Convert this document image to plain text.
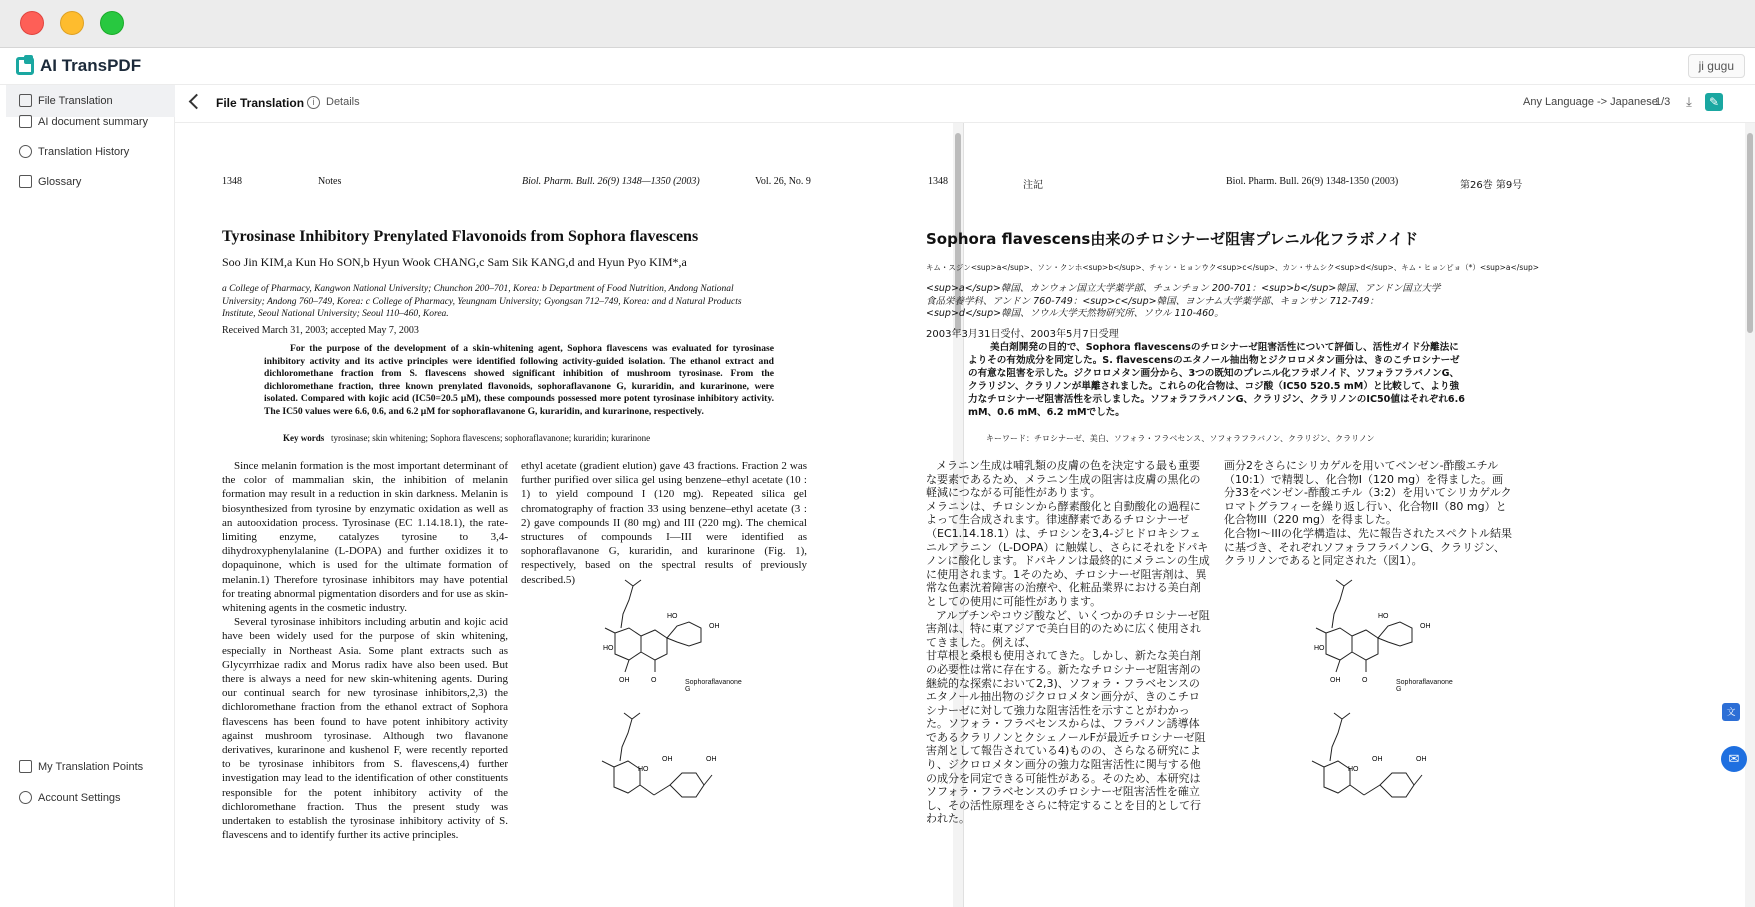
AI TransPDF	ji gugu
File Translation
AI document summary
Translation History
Glossary
My Translation Points
Account Settings
File Translation i	Details	Any Language -> Japanese
1/3	⤓	✎
1348	Notes	Biol. Pharm. Bull. 26(9) 1348—1350 (2003)	Vol. 26, No. 9
Tyrosinase Inhibitory Prenylated Flavonoids from Sophora flavescens
Soo Jin KIM,a Kun Ho SON,b Hyun Wook CHANG,c Sam Sik KANG,d and Hyun Pyo KIM*,a
a College of Pharmacy, Kangwon National University; Chunchon 200–701, Korea: b Department of Food Nutrition, Andong National University; Andong 760–749, Korea: c College of Pharmacy, Yeungnam University; Gyongsan 712–749, Korea: and d Natural Products Institute, Seoul National University; Seoul 110–460, Korea.
Received March 31, 2003; accepted May 7, 2003
For the purpose of the development of a skin-whitening agent, Sophora flavescens was evaluated for tyrosinase inhibitory activity and its active principles were identified following activity-guided isolation. The ethanol extract and dichloromethane fraction from S. flavescens showed significant inhibition of mushroom tyrosinase. From the dichloromethane fraction, three known prenylated flavonoids, sophoraflavanone G, kuraridin, and kurarinone, were isolated. Compared with kojic acid (IC50=20.5 μM), these compounds possessed more potent tyrosinase inhibitory activity. The IC50 values were 6.6, 0.6, and 6.2 μM for sophoraflavanone G, kuraridin, and kurarinone, respectively.
Key words tyrosinase; skin whitening; Sophora flavescens; sophoraflavanone; kuraridin; kurarinone

Since melanin formation is the most important determinant of the color of mammalian skin, the inhibition of melanin formation may result in a reduction in skin darkness. Melanin is biosynthesized from tyrosine by enzymatic oxidation as well as an autooxidation process. Tyrosinase (EC 1.14.18.1), the rate-limiting enzyme, catalyzes tyrosine to 3,4-dihydroxyphenylalanine (L-DOPA) and further oxidizes it to dopaquinone, which is used for the ultimate formation of melanin.1) Therefore tyrosinase inhibitors may have potential for treating abnormal pigmentation disorders and for use as skin-whitening agents in the cosmetic industry.

Several tyrosinase inhibitors including arbutin and kojic acid have been widely used for the purpose of skin whitening, especially in Northeast Asia. Some plant extracts such as Glycyrrhizae radix and Morus radix have also been used. But there is always a need for new skin-whitening agents. During our continual search for new tyrosinase inhibitors,2,3) the dichloromethane fraction from the ethanol extract of Sophora flavescens has been found to have potent inhibitory activity against mushroom tyrosinase. Although two flavanone derivatives, kurarinone and kushenol F, were recently reported to be tyrosinase inhibitors from S. flavescens,4) further investigation may lead to the identification of other constituents responsible for the potent inhibitory activity of the dichloromethane fraction. Thus the present study was undertaken to establish the tyrosinase inhibitory activity of S. flavescens and to identify further its active principles.

ethyl acetate (gradient elution) gave 43 fractions. Fraction 2 was further purified over silica gel using benzene–ethyl acetate (10 : 1) to yield compound I (120 mg). Repeated silica gel chromatography of fraction 33 using benzene–ethyl acetate (3 : 2) gave compounds II (80 mg) and III (220 mg). The chemical structures of compounds I—III were identified as sophoraflavanone G, kuraridin, and kurarinone (Fig. 1), respectively, based on the spectral results of previously described.5)

HO
OH	O
HO
OH
Sophoraflavanone G
HO
OH	OH
1348	注記	Biol. Pharm. Bull. 26(9) 1348-1350 (2003)	第26巻 第9号
Sophora flavescens由来のチロシナーゼ阻害プレニル化フラボノイド
キム・スジン<sup>a</sup>、ソン・クンホ<sup>b</sup>、チャン・ヒョンウク<sup>c</sup>、カン・サムシク<sup>d</sup>、キム・ヒョンピョ（*）<sup>a</sup>
<sup>a</sup>韓国、カンウォン国立大学薬学部、チュンチョン 200-701：<sup>b</sup>韓国、アンドン国立大学食品栄養学科、アンドン 760-749：<sup>c</sup>韓国、ヨンナム大学薬学部、キョンサン 712-749：<sup>d</sup>韓国、ソウル大学天然物研究所、ソウル 110-460。
2003年3月31日受付、2003年5月7日受理
美白剤開発の目的で、Sophora flavescensのチロシナーゼ阻害活性について評価し、活性ガイド分離法によりその有効成分を同定した。S. flavescensのエタノール抽出物とジクロロメタン画分は、きのこチロシナーゼの有意な阻害を示した。ジクロロメタン画分から、3つの既知のプレニル化フラボノイド、ソフォラフラバノンG、クラリジン、クラリノンが単離されました。これらの化合物は、コジ酸（IC50 520.5 mM）と比較して、より強力なチロシナーゼ阻害活性を示しました。ソフォラフラバノンG、クラリジン、クラリノンのIC50値はそれぞれ6.6 mM、0.6 mM、6.2 mMでした。
キーワード：チロシナーゼ、美白、ソフォラ・フラベセンス、ソフォラフラバノン、クラリジン、クラリノン

メラニン生成は哺乳類の皮膚の色を決定する最も重要な要素であるため、メラニン生成の阻害は皮膚の黒化の軽減につながる可能性があります。

メラニンは、チロシンから酵素酸化と自動酸化の過程によって生合成されます。律速酵素であるチロシナーゼ（EC1.14.18.1）は、チロシンを3,4-ジヒドロキシフェニルアラニン（L-DOPA）に触媒し、さらにそれをドパキノンに酸化します。ドパキノンは最終的にメラニンの生成に使用されます。1そのため、チロシナーゼ阻害剤は、異常な色素沈着障害の治療や、化粧品業界における美白剤としての使用に可能性があります。

アルブチンやコウジ酸など、いくつかのチロシナーゼ阻害剤は、特に東アジアで美白目的のために広く使用されてきました。例えば、

甘草根と桑根も使用されてきた。しかし、新たな美白剤の必要性は常に存在する。新たなチロシナーゼ阻害剤の継続的な探索において2,3)、ソフォラ・フラベセンスのエタノール抽出物のジクロロメタン画分が、きのこチロシナーゼに対して強力な阻害活性を示すことがわかった。ソフォラ・フラベセンスからは、フラバノン誘導体であるクラリノンとクシェノールFが最近チロシナーゼ阻害剤として報告されている4)ものの、さらなる研究により、ジクロロメタン画分の強力な阻害活性に関与する他の成分を同定できる可能性がある。そのため、本研究はソフォラ・フラベセンスのチロシナーゼ阻害活性を確立し、その活性原理をさらに特定することを目的として行われた。

画分2をさらにシリカゲルを用いてベンゼン-酢酸エチル（10:1）で精製し、化合物I（120 mg）を得ました。画分33をベンゼン-酢酸エチル（3:2）を用いてシリカゲルクロマトグラフィーを繰り返し行い、化合物II（80 mg）と化合物III（220 mg）を得ました。

化合物I～IIIの化学構造は、先に報告されたスペクトル結果に基づき、それぞれソフォラフラバノンG、クラリジン、クラリノンであると同定された（図1）。

HO
OH	O
HO
OH
Sophoraflavanone G
HO
OH	OH
文
✉
